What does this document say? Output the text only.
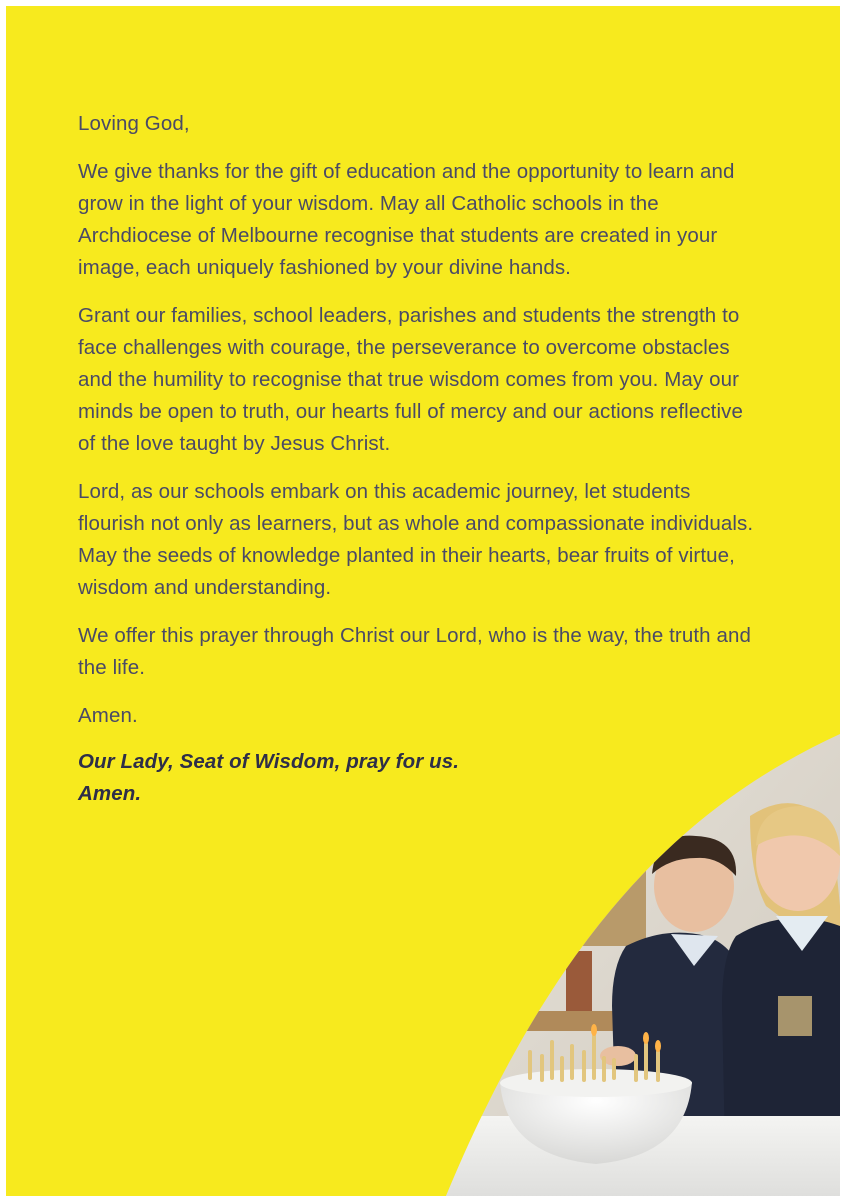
Loving God,

We give thanks for the gift of education and the opportunity to learn and grow in the light of your wisdom. May all Catholic schools in the Archdiocese of Melbourne recognise that students are created in your image, each uniquely fashioned by your divine hands.

Grant our families, school leaders, parishes and students the strength to face challenges with courage, the perseverance to overcome obstacles and the humility to recognise that true wisdom comes from you. May our minds be open to truth, our hearts full of mercy and our actions reflective of the love taught by Jesus Christ.

Lord, as our schools embark on this academic journey, let students flourish not only as learners, but as whole and compassionate individuals. May the seeds of knowledge planted in their hearts, bear fruits of virtue, wisdom and understanding.

We offer this prayer through Christ our Lord, who is the way, the truth and the life.

Amen.

Our Lady, Seat of Wisdom, pray for us.
Amen.
